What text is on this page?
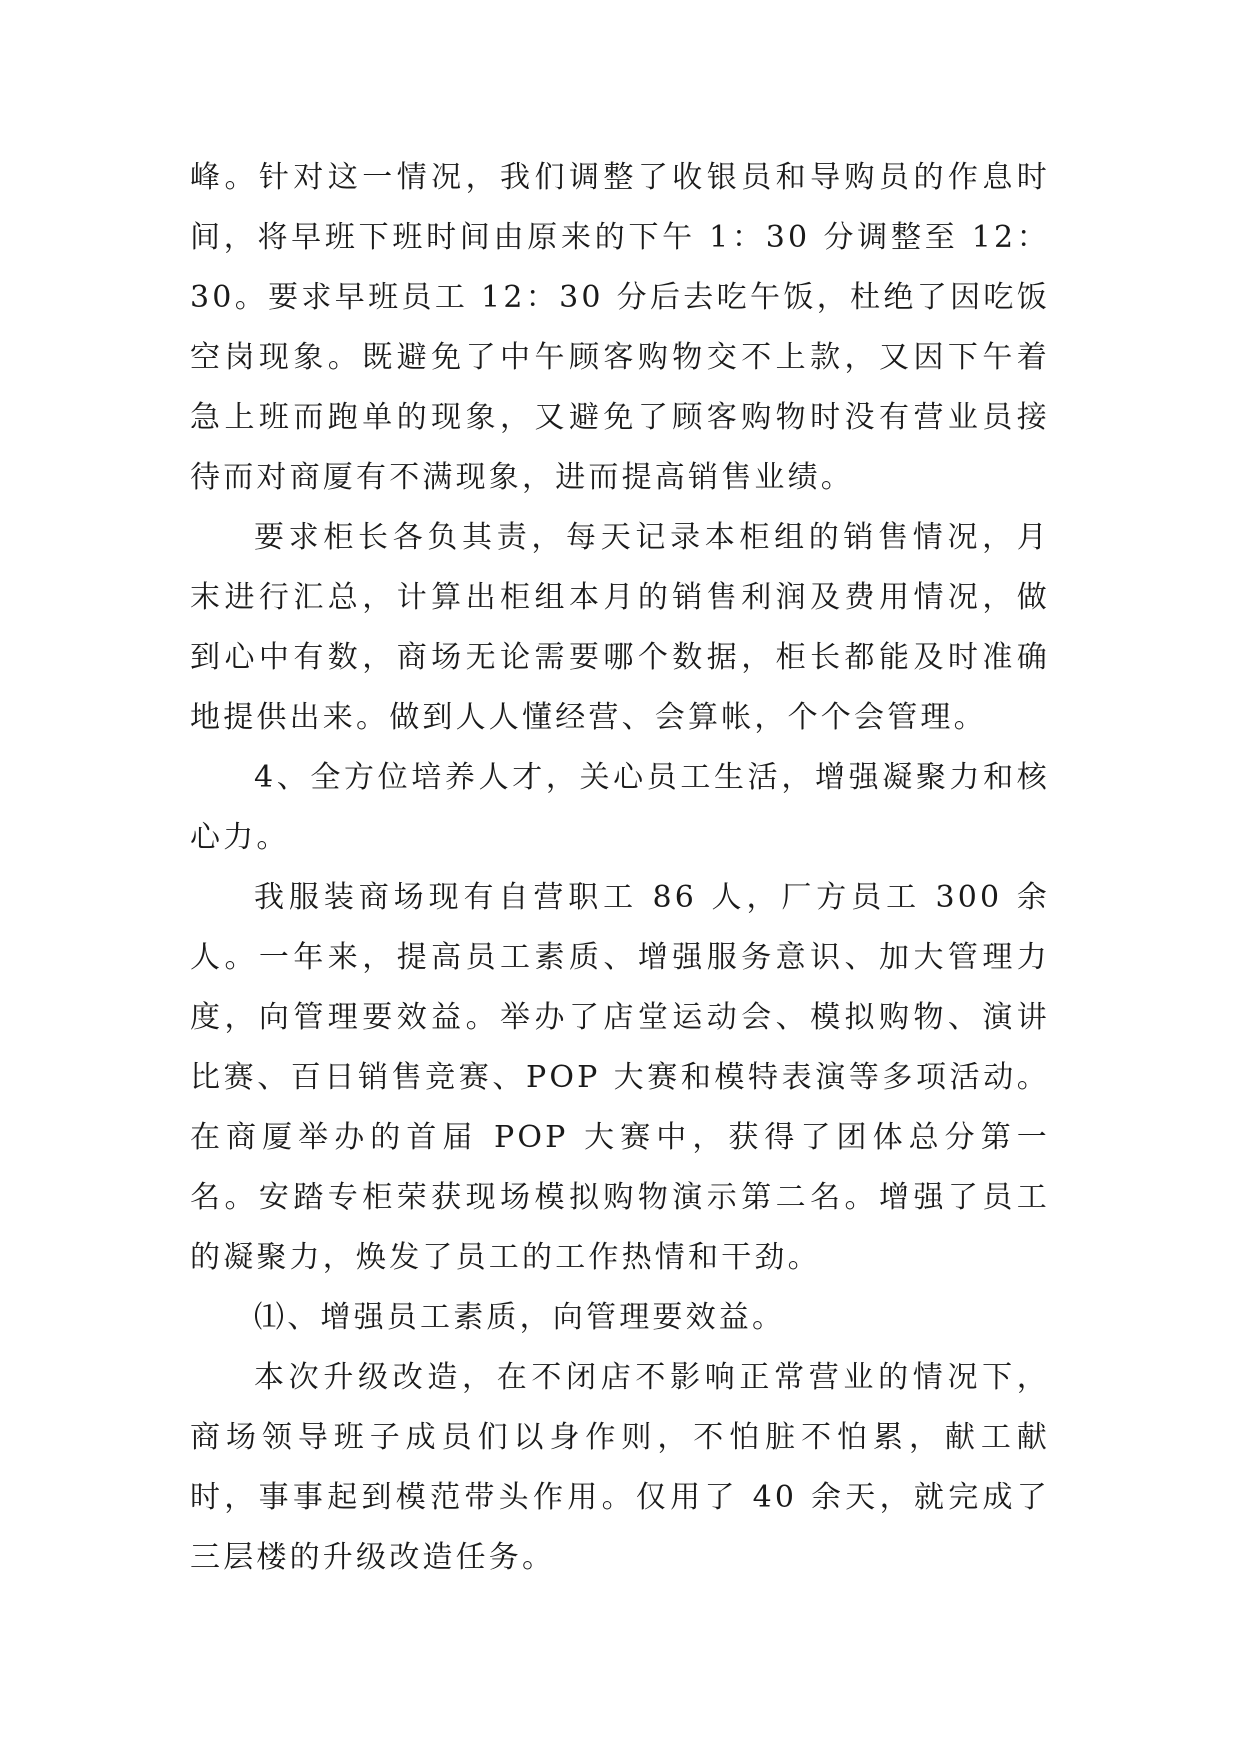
峰。针对这一情况，我们调整了收银员和导购员的作息时间，将早班下班时间由原来的下午 1：30 分调整至 12：30。要求早班员工 12：30 分后去吃午饭，杜绝了因吃饭空岗现象。既避免了中午顾客购物交不上款，又因下午着急上班而跑单的现象，又避免了顾客购物时没有营业员接待而对商厦有不满现象，进而提高销售业绩。

要求柜长各负其责，每天记录本柜组的销售情况，月末进行汇总，计算出柜组本月的销售利润及费用情况，做到心中有数，商场无论需要哪个数据，柜长都能及时准确地提供出来。做到人人懂经营、会算帐，个个会管理。

4、全方位培养人才，关心员工生活，增强凝聚力和核心力。

我服装商场现有自营职工 86 人，厂方员工 300 余人。一年来，提高员工素质、增强服务意识、加大管理力度，向管理要效益。举办了店堂运动会、模拟购物、演讲比赛、百日销售竞赛、POP 大赛和模特表演等多项活动。在商厦举办的首届 POP 大赛中，获得了团体总分第一名。安踏专柜荣获现场模拟购物演示第二名。增强了员工的凝聚力，焕发了员工的工作热情和干劲。

⑴、增强员工素质，向管理要效益。

本次升级改造，在不闭店不影响正常营业的情况下，商场领导班子成员们以身作则，不怕脏不怕累，献工献时，事事起到模范带头作用。仅用了 40 余天，就完成了三层楼的升级改造任务。
